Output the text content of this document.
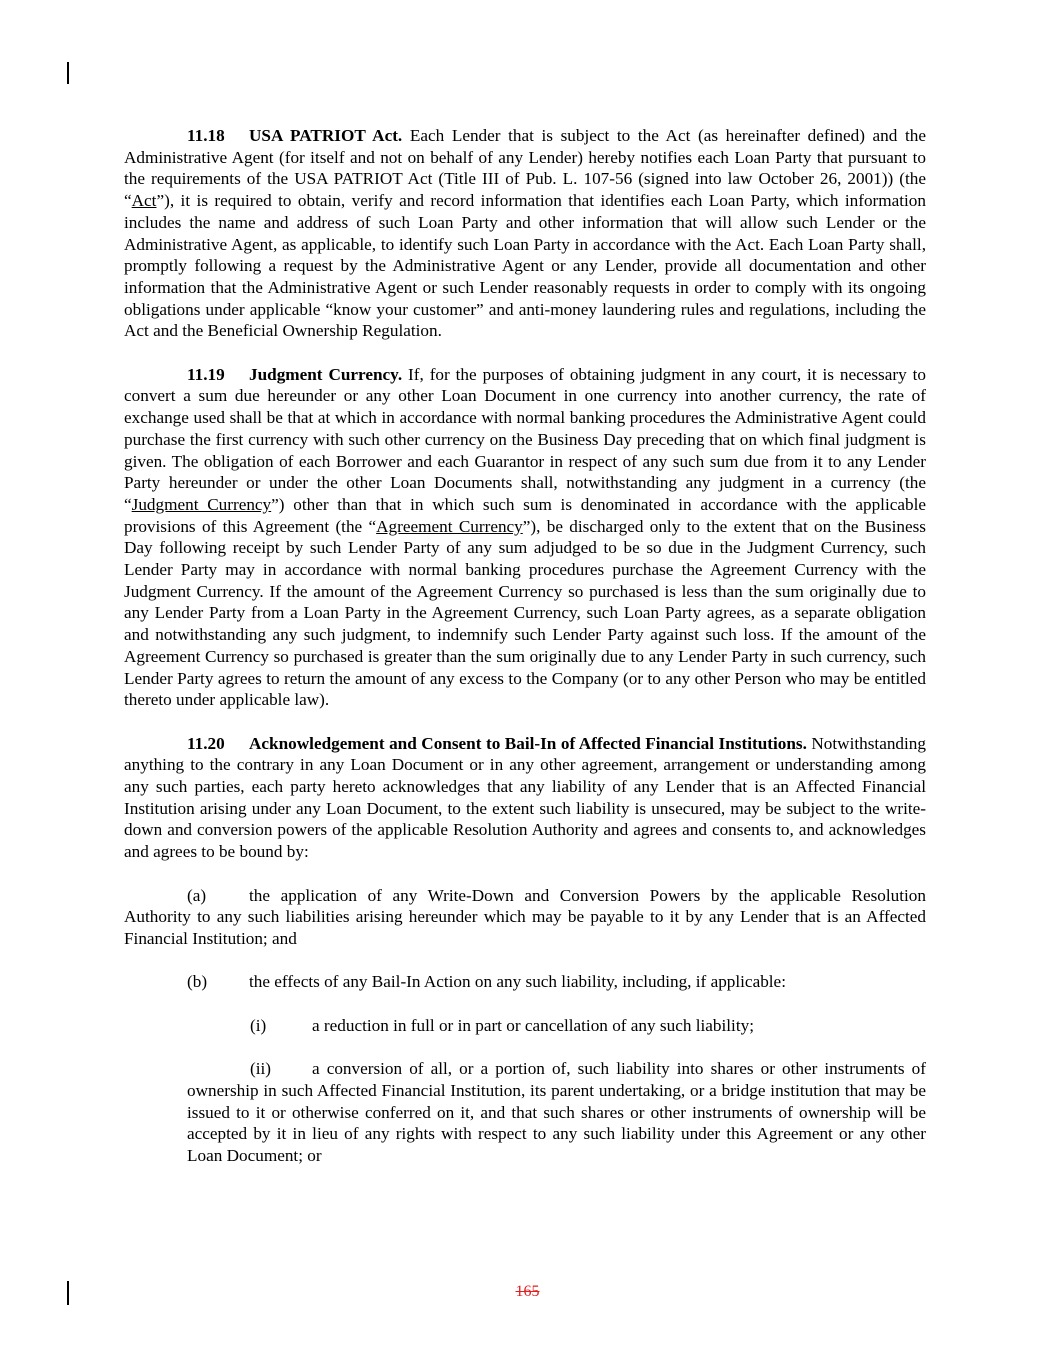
11.18 USA PATRIOT Act. Each Lender that is subject to the Act (as hereinafter defined) and the Administrative Agent (for itself and not on behalf of any Lender) hereby notifies each Loan Party that pursuant to the requirements of the USA PATRIOT Act (Title III of Pub. L. 107-56 (signed into law October 26, 2001)) (the “Act”), it is required to obtain, verify and record information that identifies each Loan Party, which information includes the name and address of such Loan Party and other information that will allow such Lender or the Administrative Agent, as applicable, to identify such Loan Party in accordance with the Act. Each Loan Party shall, promptly following a request by the Administrative Agent or any Lender, provide all documentation and other information that the Administrative Agent or such Lender reasonably requests in order to comply with its ongoing obligations under applicable “know your customer” and anti-money laundering rules and regulations, including the Act and the Beneficial Ownership Regulation.

11.19 Judgment Currency. If, for the purposes of obtaining judgment in any court, it is necessary to convert a sum due hereunder or any other Loan Document in one currency into another currency, the rate of exchange used shall be that at which in accordance with normal banking procedures the Administrative Agent could purchase the first currency with such other currency on the Business Day preceding that on which final judgment is given. The obligation of each Borrower and each Guarantor in respect of any such sum due from it to any Lender Party hereunder or under the other Loan Documents shall, notwithstanding any judgment in a currency (the “Judgment Currency”) other than that in which such sum is denominated in accordance with the applicable provisions of this Agreement (the “Agreement Currency”), be discharged only to the extent that on the Business Day following receipt by such Lender Party of any sum adjudged to be so due in the Judgment Currency, such Lender Party may in accordance with normal banking procedures purchase the Agreement Currency with the Judgment Currency. If the amount of the Agreement Currency so purchased is less than the sum originally due to any Lender Party from a Loan Party in the Agreement Currency, such Loan Party agrees, as a separate obligation and notwithstanding any such judgment, to indemnify such Lender Party against such loss. If the amount of the Agreement Currency so purchased is greater than the sum originally due to any Lender Party in such currency, such Lender Party agrees to return the amount of any excess to the Company (or to any other Person who may be entitled thereto under applicable law).

11.20 Acknowledgement and Consent to Bail-In of Affected Financial Institutions. Notwithstanding anything to the contrary in any Loan Document or in any other agreement, arrangement or understanding among any such parties, each party hereto acknowledges that any liability of any Lender that is an Affected Financial Institution arising under any Loan Document, to the extent such liability is unsecured, may be subject to the write- down and conversion powers of the applicable Resolution Authority and agrees and consents to, and acknowledges and agrees to be bound by:

(a) the application of any Write-Down and Conversion Powers by the applicable Resolution Authority to any such liabilities arising hereunder which may be payable to it by any Lender that is an Affected Financial Institution; and

(b) the effects of any Bail-In Action on any such liability, including, if applicable:

(i)	a reduction in full or in part or cancellation of any such liability;

(ii) a conversion of all, or a portion of, such liability into shares or other instruments of ownership in such Affected Financial Institution, its parent undertaking, or a bridge institution that may be issued to it or otherwise conferred on it, and that such shares or other instruments of ownership will be accepted by it in lieu of any rights with respect to any such liability under this Agreement or any other Loan Document; or

165
